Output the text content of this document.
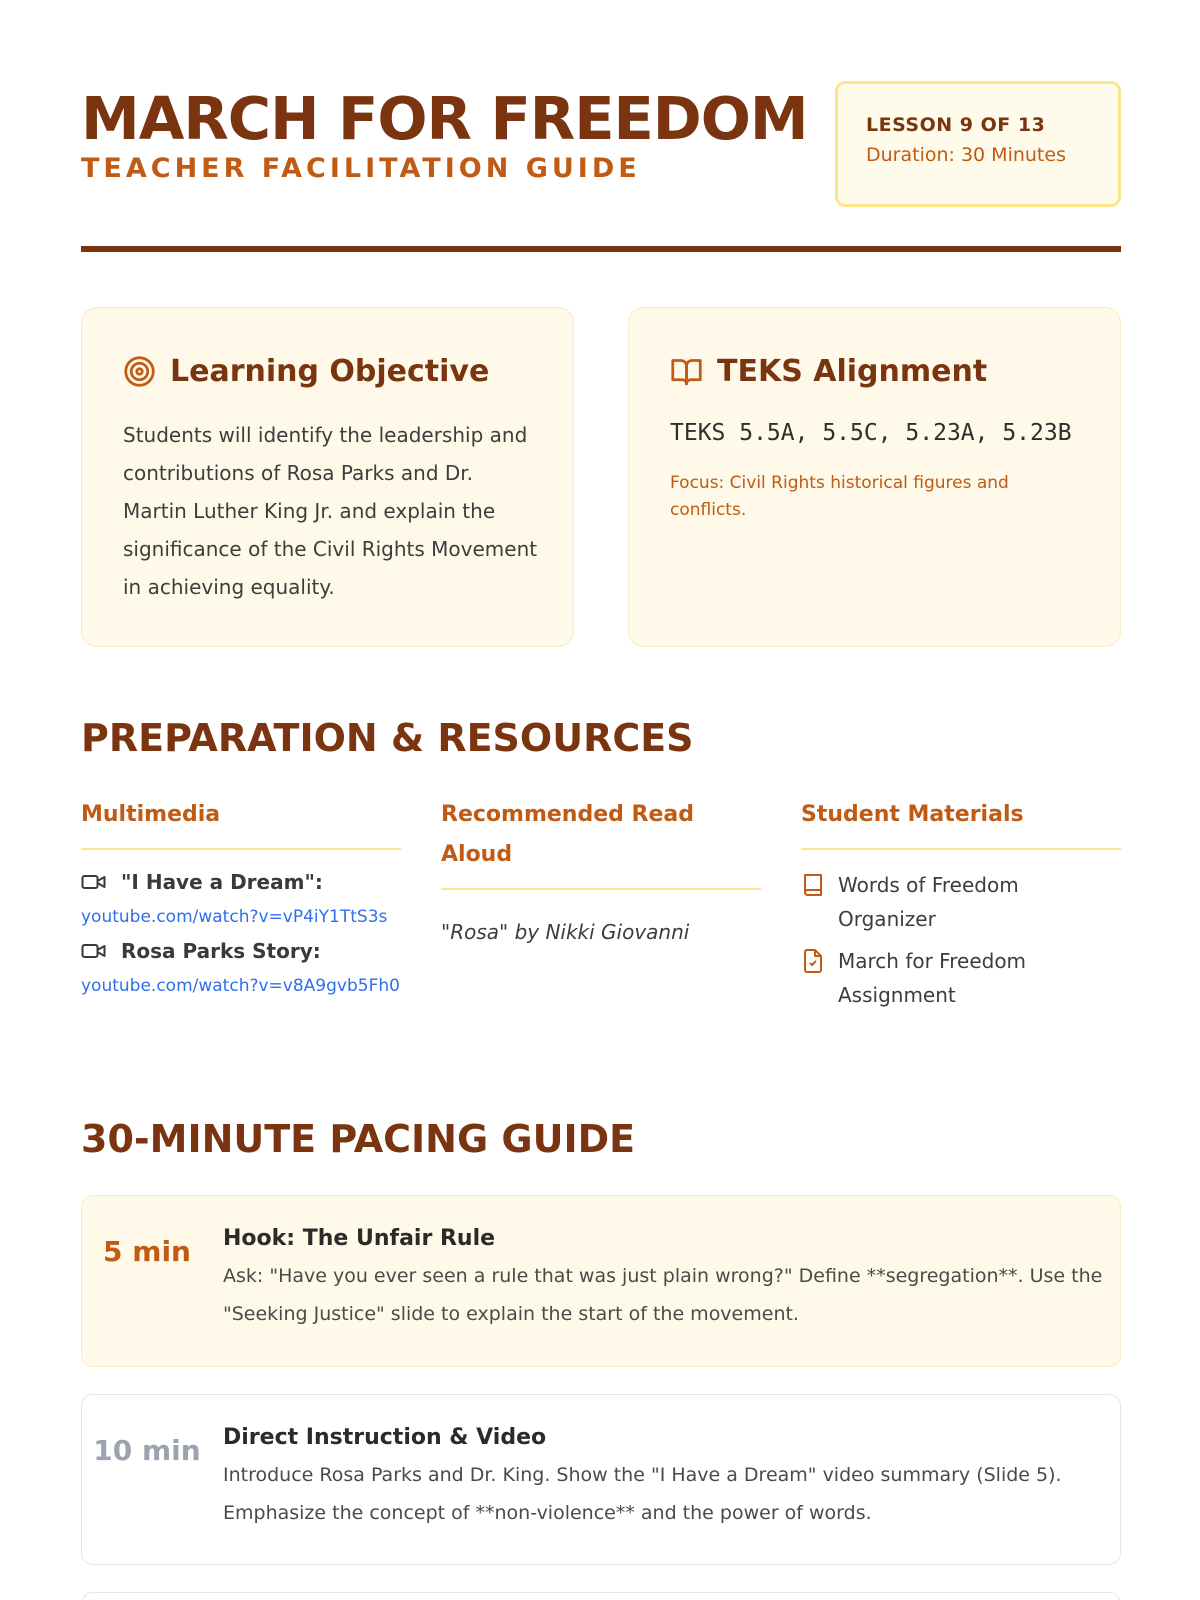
MARCH FOR FREEDOM
TEACHER FACILITATION GUIDE
LESSON 9 OF 13
Duration: 30 Minutes
Learning Objective

Students will identify the leadership and contributions of Rosa Parks and Dr. Martin Luther King Jr. and explain the significance of the Civil Rights Movement in achieving equality.

TEKS Alignment
TEKS 5.5A, 5.5C, 5.23A, 5.23B

Focus: Civil Rights historical figures and conflicts.

PREPARATION & RESOURCES
Multimedia
"I Have a Dream":
youtube.com/watch?v=vP4iY1TtS3s
Rosa Parks Story:
youtube.com/watch?v=v8A9gvb5Fh0
Recommended Read Aloud
"Rosa" by Nikki Giovanni
Student Materials
Words of Freedom Organizer
March for Freedom Assignment
30-MINUTE PACING GUIDE
5 min	Hook: The Unfair Rule

Ask: "Have you ever seen a rule that was just plain wrong?" Define **segregation**. Use the "Seeking Justice" slide to explain the start of the movement.

10 min	Direct Instruction & Video

Introduce Rosa Parks and Dr. King. Show the "I Have a Dream" video summary (Slide 5). Emphasize the concept of **non-violence** and the power of words.
